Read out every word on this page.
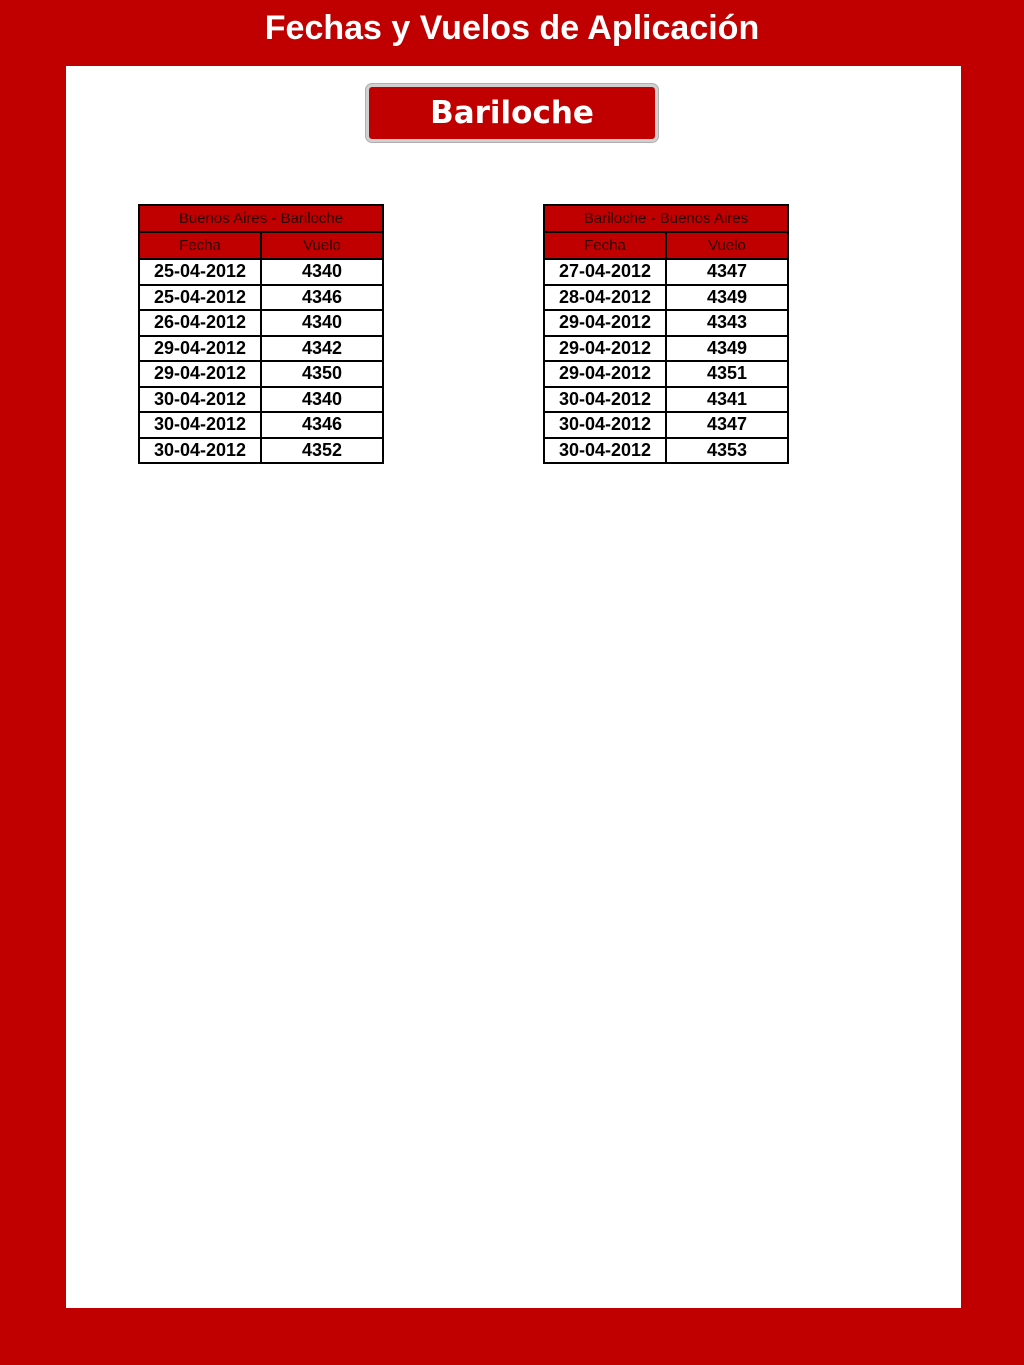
Fechas y Vuelos de Aplicación
Bariloche
Buenos Aires - Bariloche	
Fecha	Vuelo
25-04-2012	4340
25-04-2012	4346
26-04-2012	4340
29-04-2012	4342
29-04-2012	4350
30-04-2012	4340
30-04-2012	4346
30-04-2012	4352
Bariloche - Buenos Aires	
Fecha	Vuelo
27-04-2012	4347
28-04-2012	4349
29-04-2012	4343
29-04-2012	4349
29-04-2012	4351
30-04-2012	4341
30-04-2012	4347
30-04-2012	4353
